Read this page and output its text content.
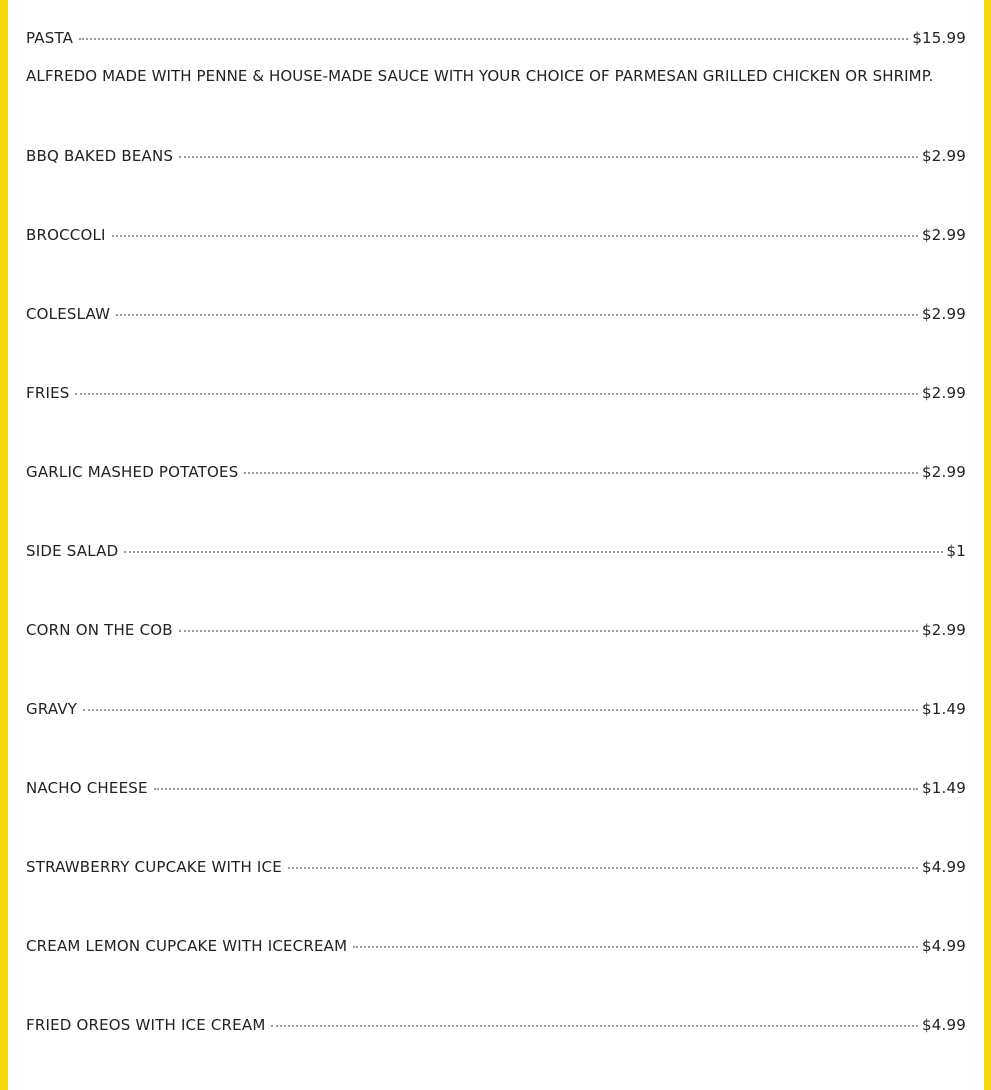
PASTA	$15.99
ALFREDO MADE WITH PENNE & HOUSE-MADE SAUCE WITH YOUR CHOICE OF PARMESAN GRILLED CHICKEN OR SHRIMP.
BBQ BAKED BEANS	$2.99
BROCCOLI	$2.99
COLESLAW	$2.99
FRIES	$2.99
GARLIC MASHED POTATOES	$2.99
SIDE SALAD	$1
CORN ON THE COB	$2.99
GRAVY	$1.49
NACHO CHEESE	$1.49
STRAWBERRY CUPCAKE WITH ICE	$4.99
CREAM LEMON CUPCAKE WITH ICECREAM	$4.99
FRIED OREOS WITH ICE CREAM	$4.99
